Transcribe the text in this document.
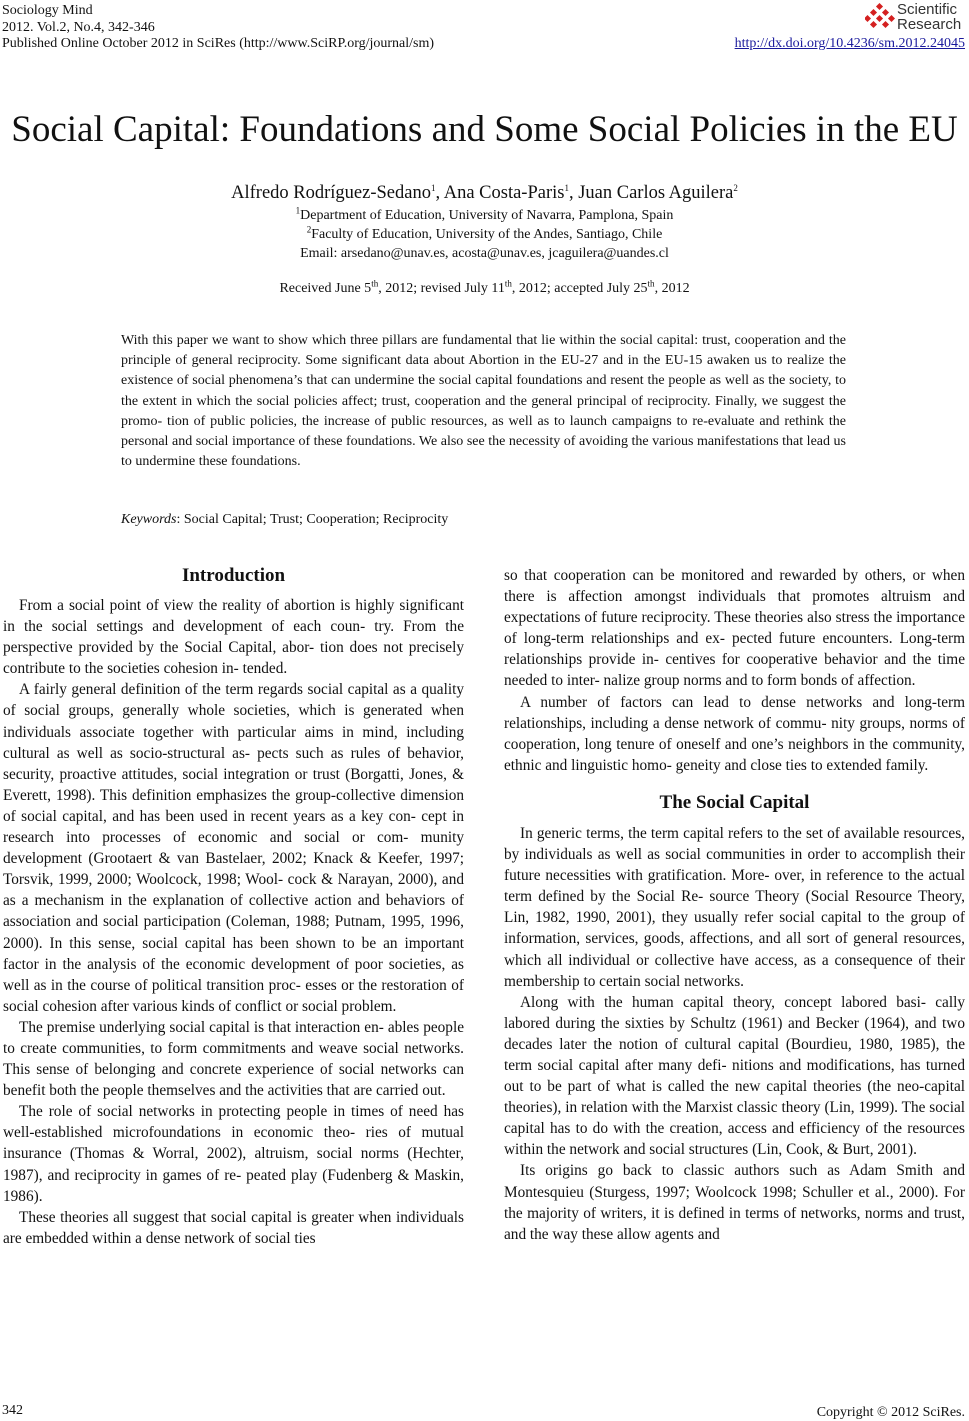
Sociology Mind
2012. Vol.2, No.4, 342-346
Published Online October 2012 in SciRes (http://www.SciRP.org/journal/sm)
Scientific
Research
http://dx.doi.org/10.4236/sm.2012.24045
Social Capital: Foundations and Some Social Policies in the EU
Alfredo Rodríguez-Sedano$^1$, Ana Costa-Paris$^1$, Juan Carlos Aguilera$^2$
$^1$Department of Education, University of Navarra, Pamplona, Spain
$^2$Faculty of Education, University of the Andes, Santiago, Chile
Email: arsedano@unav.es, acosta@unav.es, jcaguilera@uandes.cl
Received June 5th, 2012; revised July 11th, 2012; accepted July 25th, 2012
With this paper we want to show which three pillars are fundamental that lie within the social capital: trust, cooperation and the principle of general reciprocity. Some significant data about Abortion in the EU-27 and in the EU-15 awaken us to realize the existence of social phenomena’s that can undermine the social capital foundations and resent the people as well as the society, to the extent in which the social policies affect; trust, cooperation and the general principal of reciprocity. Finally, we suggest the promo- tion of public policies, the increase of public resources, as well as to launch campaigns to re-evaluate and rethink the personal and social importance of these foundations. We also see the necessity of avoiding the various manifestations that lead us to undermine these foundations.
Keywords: Social Capital; Trust; Cooperation; Reciprocity
Introduction

From a social point of view the reality of abortion is highly significant in the social settings and development of each coun- try. From the perspective provided by the Social Capital, abor- tion does not precisely contribute to the societies cohesion in- tended.

A fairly general definition of the term regards social capital as a quality of social groups, generally whole societies, which is generated when individuals associate together with particular aims in mind, including cultural as well as socio-structural as- pects such as rules of behavior, security, proactive attitudes, social integration or trust (Borgatti, Jones, & Everett, 1998). This definition emphasizes the group-collective dimension of social capital, and has been used in recent years as a key con- cept in research into processes of economic and social or com- munity development (Grootaert & van Bastelaer, 2002; Knack & Keefer, 1997; Torsvik, 1999, 2000; Woolcock, 1998; Wool- cock & Narayan, 2000), and as a mechanism in the explanation of collective action and behaviors of association and social participation (Coleman, 1988; Putnam, 1995, 1996, 2000). In this sense, social capital has been shown to be an important factor in the analysis of the economic development of poor societies, as well as in the course of political transition proc- esses or the restoration of social cohesion after various kinds of conflict or social problem.

The premise underlying social capital is that interaction en- ables people to create communities, to form commitments and weave social networks. This sense of belonging and concrete experience of social networks can benefit both the people themselves and the activities that are carried out.

The role of social networks in protecting people in times of need has well-established microfoundations in economic theo- ries of mutual insurance (Thomas & Worral, 2002), altruism, social norms (Hechter, 1987), and reciprocity in games of re- peated play (Fudenberg & Maskin, 1986).

These theories all suggest that social capital is greater when individuals are embedded within a dense network of social ties

so that cooperation can be monitored and rewarded by others, or when there is affection amongst individuals that promotes altruism and expectations of future reciprocity. These theories also stress the importance of long-term relationships and ex- pected future encounters. Long-term relationships provide in- centives for cooperative behavior and the time needed to inter- nalize group norms and to form bonds of affection.

A number of factors can lead to dense networks and long-term relationships, including a dense network of commu- nity groups, norms of cooperation, long tenure of oneself and one’s neighbors in the community, ethnic and linguistic homo- geneity and close ties to extended family.

The Social Capital

In generic terms, the term capital refers to the set of available resources, by individuals as well as social communities in order to accomplish their future necessities with gratification. More- over, in reference to the actual term defined by the Social Re- source Theory (Social Resource Theory, Lin, 1982, 1990, 2001), they usually refer social capital to the group of information, services, goods, affections, and all sort of general resources, which all individual or collective have access, as a consequence of their membership to certain social networks.

Along with the human capital theory, concept labored basi- cally labored during the sixties by Schultz (1961) and Becker (1964), and two decades later the notion of cultural capital (Bourdieu, 1980, 1985), the term social capital after many defi- nitions and modifications, has turned out to be part of what is called the new capital theories (the neo-capital theories), in relation with the Marxist classic theory (Lin, 1999). The social capital has to do with the creation, access and efficiency of the resources within the network and social structures (Lin, Cook, & Burt, 2001).

Its origins go back to classic authors such as Adam Smith and Montesquieu (Sturgess, 1997; Woolcock 1998; Schuller et al., 2000). For the majority of writers, it is defined in terms of networks, norms and trust, and the way these allow agents and

342	Copyright © 2012 SciRes.
